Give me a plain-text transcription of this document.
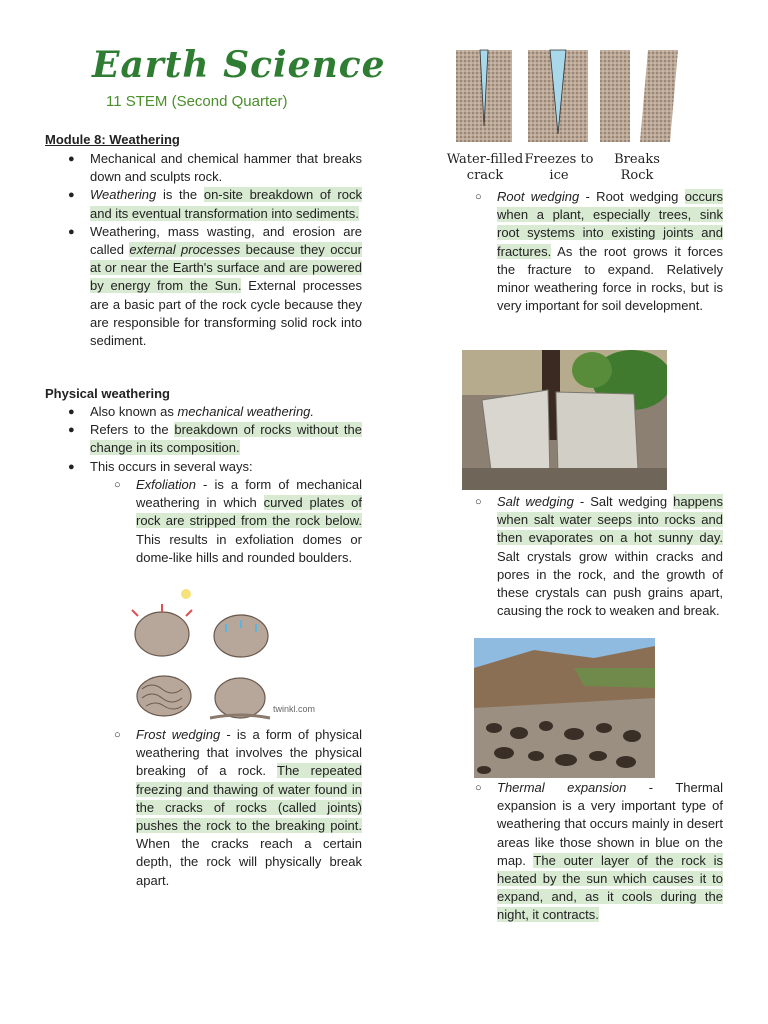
Earth Science
11 STEM (Second Quarter)
Module 8: Weathering
● Mechanical and chemical hammer that breaks down and sculpts rock.
● Weathering is the on-site breakdown of rock and its eventual transformation into sediments.
● Weathering, mass wasting, and erosion are called external processes because they occur at or near the Earth's surface and are powered by energy from the Sun. External processes are a basic part of the rock cycle because they are responsible for transforming solid rock into sediment.
Physical weathering
● Also known as mechanical weathering.
● Refers to the breakdown of rocks without the change in its composition.
● This occurs in several ways:
○ Exfoliation - is a form of mechanical weathering in which curved plates of rock are stripped from the rock below. This results in exfoliation domes or dome-like hills and rounded boulders.
twinkl.com
○ Frost wedging - is a form of physical weathering that involves the physical breaking of a rock. The repeated freezing and thawing of water found in the cracks of rocks (called joints) pushes the rock to the breaking point. When the cracks reach a certain depth, the rock will physically break apart.
Water-filled crack
Freezes to ice
Breaks Rock
○ Root wedging - Root wedging occurs when a plant, especially trees, sink root systems into existing joints and fractures. As the root grows it forces the fracture to expand. Relatively minor weathering force in rocks, but is very important for soil development.
○ Salt wedging - Salt wedging happens when salt water seeps into rocks and then evaporates on a hot sunny day. Salt crystals grow within cracks and pores in the rock, and the growth of these crystals can push grains apart, causing the rock to weaken and break.
○ Thermal expansion - Thermal expansion is a very important type of weathering that occurs mainly in desert areas like those shown in blue on the map. The outer layer of the rock is heated by the sun which causes it to expand, and, as it cools during the night, it contracts.
